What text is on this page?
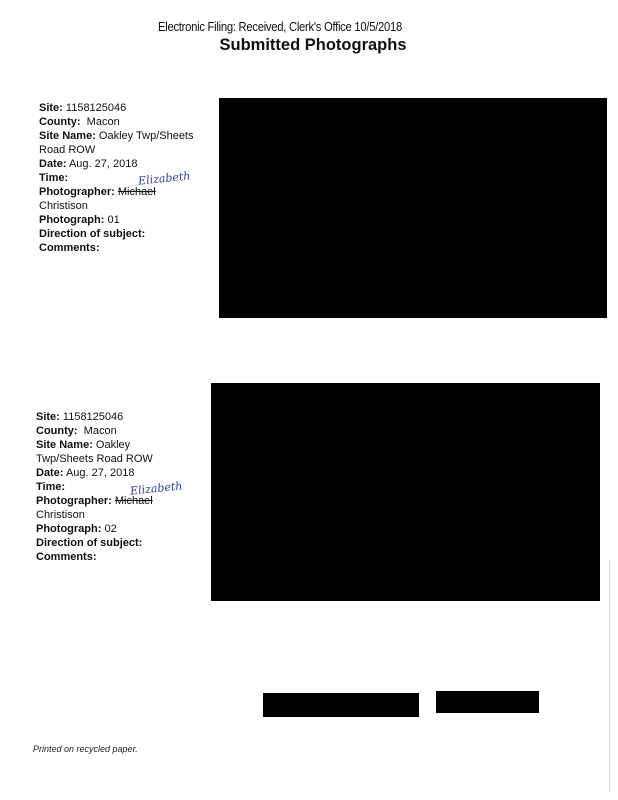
Electronic Filing: Received, Clerk's Office 10/5/2018
Submitted Photographs
Site: 1158125046
County: Macon
Site Name: Oakley Twp/Sheets
Road ROW
Date: Aug. 27, 2018
Time:
Photographer: Michael
Christison
Photograph: 01
Direction of subject:
Comments:
Elizabeth
Site: 1158125046
County: Macon
Site Name: Oakley
Twp/Sheets Road ROW
Date: Aug. 27, 2018
Time:
Photographer: Michael
Christison
Photograph: 02
Direction of subject:
Comments:
Elizabeth
Printed on recycled paper.
